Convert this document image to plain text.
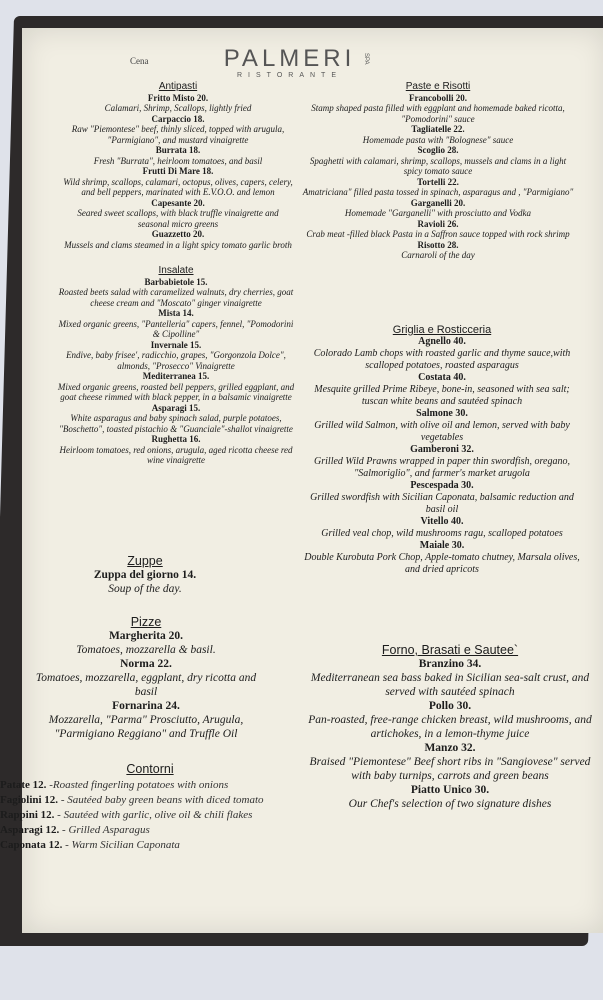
Cena	PALMERI
RISTORANTE
SPA
Antipasti
Fritto Misto 20.
Calamari, Shrimp, Scallops, lightly fried
Carpaccio 18.
Raw "Piemontese" beef, thinly sliced, topped with arugula, "Parmigiano", and mustard vinaigrette
Burrata 18.
Fresh "Burrata", heirloom tomatoes, and basil
Frutti Di Mare 18.
Wild shrimp, scallops, calamari, octopus, olives, capers, celery, and bell peppers, marinated with E.V.O.O. and lemon
Capesante 20.
Seared sweet scallops, with black truffle vinaigrette and seasonal micro greens
Guazzetto 20.
Mussels and clams steamed in a light spicy tomato garlic broth
Insalate
Barbabietole 15.
Roasted beets salad with caramelized walnuts, dry cherries, goat cheese cream and "Moscato" ginger vinaigrette
Mista 14.
Mixed organic greens, "Pantelleria" capers, fennel, "Pomodorini & Cipolline"
Invernale 15.
Endive, baby frisee', radicchio, grapes, "Gorgonzola Dolce", almonds, "Prosecco" Vinaigrette
Mediterranea 15.
Mixed organic greens, roasted bell peppers, grilled eggplant, and goat cheese rimmed with black pepper, in a balsamic vinaigrette
Asparagi 15.
White asparagus and baby spinach salad, purple potatoes, "Boschetto", toasted pistachio & "Guanciale"-shallot vinaigrette
Rughetta 16.
Heirloom tomatoes, red onions, arugula, aged ricotta cheese red wine vinaigrette
Zuppe
Zuppa del giorno 14.
Soup of the day.
Pizze
Margherita 20.
Tomatoes, mozzarella & basil.
Norma 22.
Tomatoes, mozzarella, eggplant, dry ricotta and basil
Fornarina 24.
Mozzarella, "Parma" Prosciutto, Arugula, "Parmigiano Reggiano" and Truffle Oil
Paste e Risotti
Francobolli 20.
Stamp shaped pasta filled with eggplant and homemade baked ricotta, "Pomodorini" sauce
Tagliatelle 22.
Homemade pasta with "Bolognese" sauce
Scoglio 28.
Spaghetti with calamari, shrimp, scallops, mussels and clams in a light spicy tomato sauce
Tortelli 22.
Amatriciana" filled pasta tossed in spinach, asparagus and , "Parmigiano"
Garganelli 20.
Homemade "Garganelli" with prosciutto and Vodka
Ravioli 26.
Crab meat -filled black Pasta in a Saffron sauce topped with rock shrimp
Risotto 28.
Carnaroli of the day
Griglia e Rosticceria
Agnello 40.
Colorado Lamb chops with roasted garlic and thyme sauce,with scalloped potatoes, roasted asparagus
Costata 40.
Mesquite grilled Prime Ribeye, bone-in, seasoned with sea salt; tuscan white beans and sautéed spinach
Salmone 30.
Grilled wild Salmon, with olive oil and lemon, served with baby vegetables
Gamberoni 32.
Grilled Wild Prawns wrapped in paper thin swordfish, oregano, "Salmoriglio", and farmer's market arugola
Pescespada 30.
Grilled swordfish with Sicilian Caponata, balsamic reduction and basil oil
Vitello 40.
Grilled veal chop, wild mushrooms ragu, scalloped potatoes
Maiale 30.
Double Kurobuta Pork Chop, Apple-tomato chutney, Marsala olives, and dried apricots
Forno, Brasati e Sautee`
Branzino 34.
Mediterranean sea bass baked in Sicilian sea-salt crust, and served with sautéed spinach
Pollo 30.
Pan-roasted, free-range chicken breast, wild mushrooms, and artichokes, in a lemon-thyme juice
Manzo 32.
Braised "Piemontese" Beef short ribs in "Sangiovese" served with baby turnips, carrots and green beans
Piatto Unico 30.
Our Chef's selection of two signature dishes
Contorni
Patate 12. -Roasted fingerling potatoes with onions
Fagiolini 12. - Sautéed baby green beans with diced tomato
Rappini 12. - Sautéed with garlic, olive oil & chili flakes
Asparagi 12. - Grilled Asparagus
Caponata 12. - Warm Sicilian Caponata
